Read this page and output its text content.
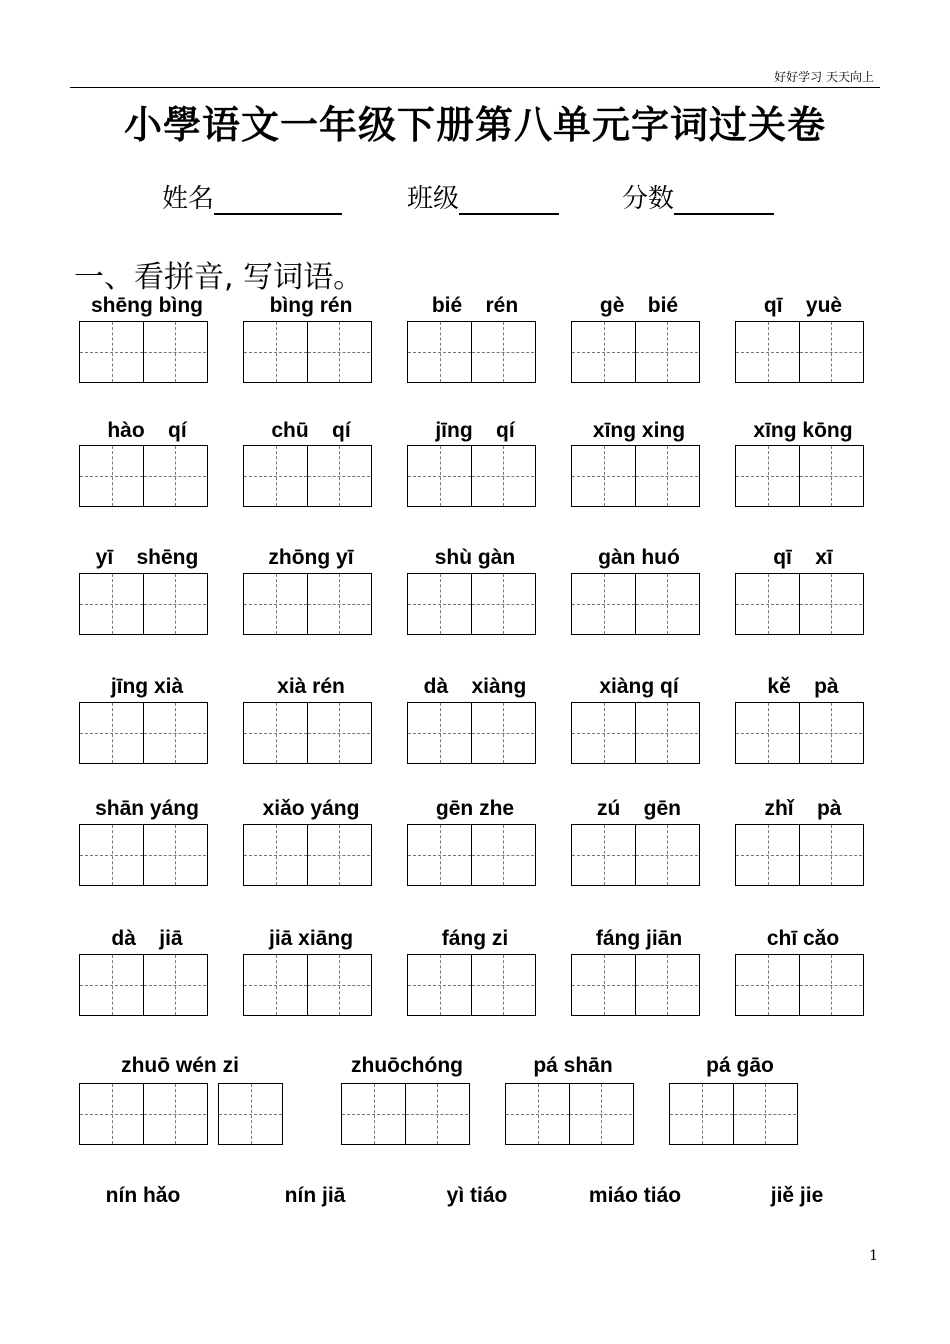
好好学习 天天向上
小學语文一年级下册第八单元字词过关卷
姓名	班级	分数
一、看拼音, 写词语。
shēng bìng	bìng rén	bié    rén	gè    bié	qī    yuè
hào    qí	chū    qí	jīng    qí	xīng xing	xīng kōng
yī    shēng	zhōng yī	shù gàn	gàn huó	qī    xī
jīng xià	xià rén	dà    xiàng	xiàng qí	kě    pà
shān yáng	xiǎo yáng	gēn zhe	zú    gēn	zhǐ    pà
dà    jiā	jiā xiāng	fáng zi	fáng jiān	chī cǎo
zhuō wén zi	zhuōchóng	pá shān	pá gāo
nín hǎo	nín jiā	yì tiáo	miáo tiáo	jiě jie
1
